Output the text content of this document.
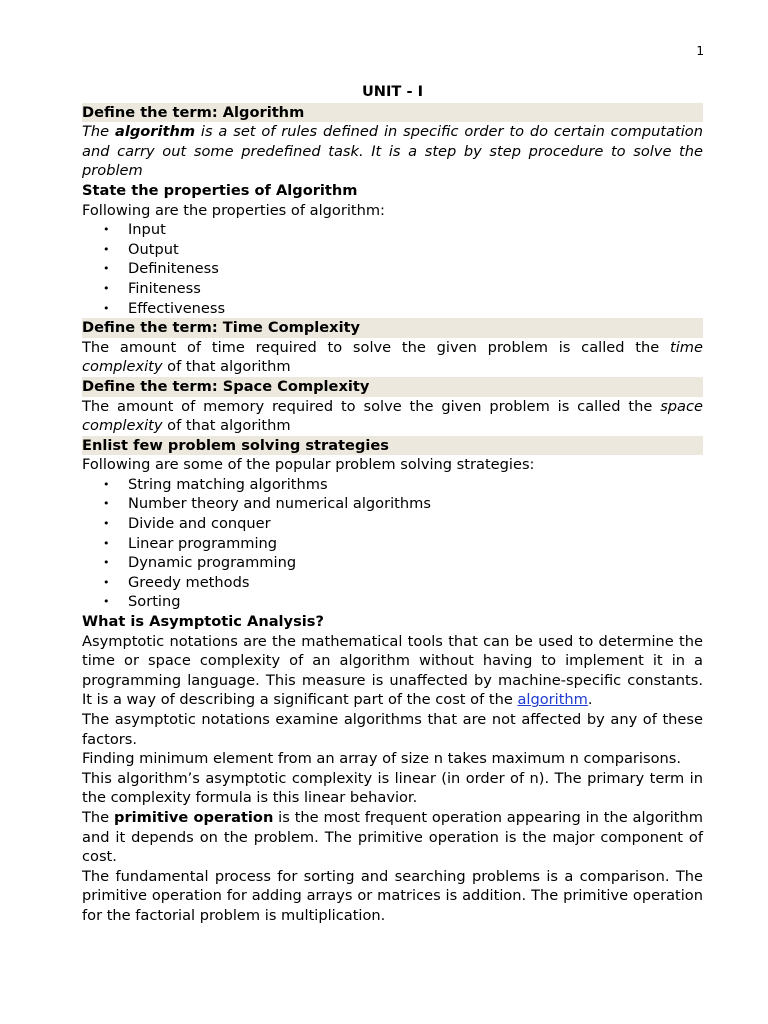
1
UNIT - I
Define the term: Algorithm

The algorithm is a set of rules defined in specific order to do certain computation and carry out some predefined task. It is a step by step procedure to solve the problem

State the properties of Algorithm

Following are the properties of algorithm:

• Input
• Output
• Definiteness
• Finiteness
• Effectiveness
Define the term: Time Complexity

The amount of time required to solve the given problem is called the time complexity of that algorithm

Define the term: Space Complexity

The amount of memory required to solve the given problem is called the space complexity of that algorithm

Enlist few problem solving strategies

Following are some of the popular problem solving strategies:

• String matching algorithms
• Number theory and numerical algorithms
• Divide and conquer
• Linear programming
• Dynamic programming
• Greedy methods
• Sorting
What is Asymptotic Analysis?

Asymptotic notations are the mathematical tools that can be used to determine the time or space complexity of an algorithm without having to implement it in a programming language. This measure is unaffected by machine-specific constants. It is a way of describing a significant part of the cost of the algorithm.

The asymptotic notations examine algorithms that are not affected by any of these factors.

Finding minimum element from an array of size n takes maximum n comparisons.

This algorithm’s asymptotic complexity is linear (in order of n). The primary term in the complexity formula is this linear behavior.

The primitive operation is the most frequent operation appearing in the algorithm and it depends on the problem. The primitive operation is the major component of cost.

The fundamental process for sorting and searching problems is a comparison. The primitive operation for adding arrays or matrices is addition. The primitive operation for the factorial problem is multiplication.
